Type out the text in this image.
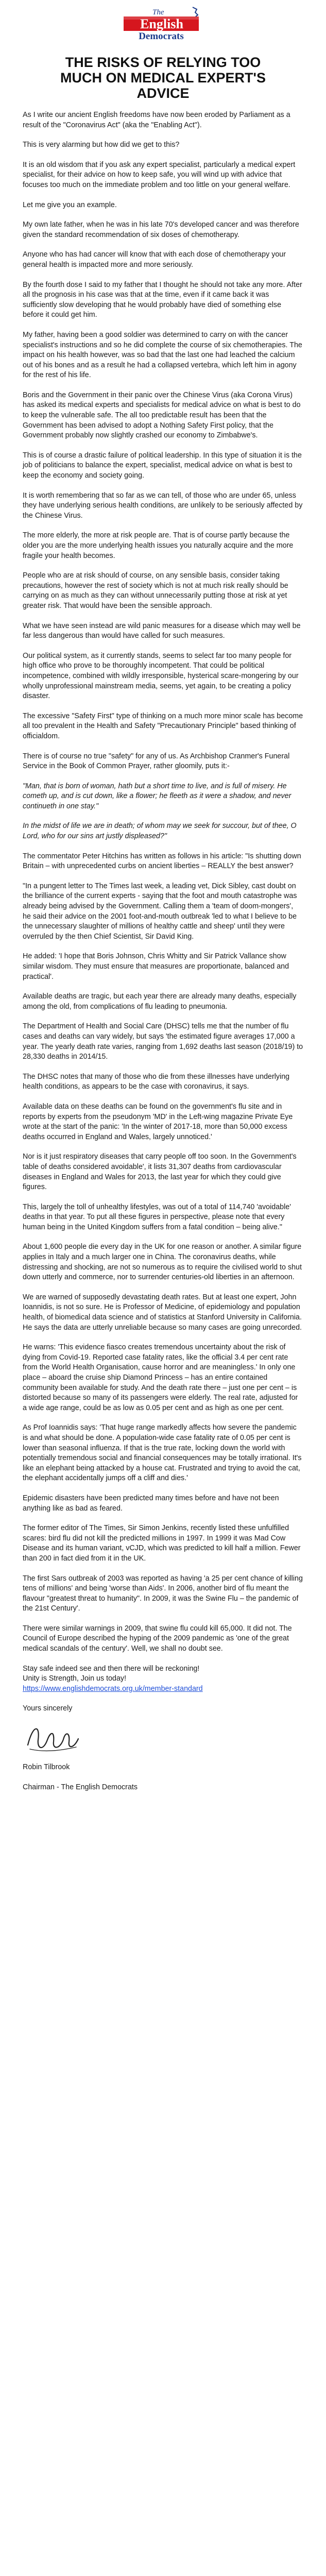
The
English
Democrats
THE RISKS OF RELYING TOO MUCH ON MEDICAL EXPERT'S ADVICE

As I write our ancient English freedoms have now been eroded by Parliament as a result of the "Coronavirus Act" (aka the "Enabling Act").

This is very alarming but how did we get to this?

It is an old wisdom that if you ask any expert specialist, particularly a medical expert specialist, for their advice on how to keep safe, you will wind up with advice that focuses too much on the immediate problem and too little on your general welfare.

Let me give you an example.

My own late father, when he was in his late 70's developed cancer and was therefore given the standard recommendation of six doses of chemotherapy.

Anyone who has had cancer will know that with each dose of chemotherapy your general health is impacted more and more seriously.

By the fourth dose I said to my father that I thought he should not take any more. After all the prognosis in his case was that at the time, even if it came back it was sufficiently slow developing that he would probably have died of something else before it could get him.

My father, having been a good soldier was determined to carry on with the cancer specialist's instructions and so he did complete the course of six chemotherapies. The impact on his health however, was so bad that the last one had leached the calcium out of his bones and as a result he had a collapsed vertebra, which left him in agony for the rest of his life.

Boris and the Government in their panic over the Chinese Virus (aka Corona Virus) has asked its medical experts and specialists for medical advice on what is best to do to keep the vulnerable safe. The all too predictable result has been that the Government has been advised to adopt a Nothing Safety First policy, that the Government probably now slightly crashed our economy to Zimbabwe's.

This is of course a drastic failure of political leadership. In this type of situation it is the job of politicians to balance the expert, specialist, medical advice on what is best to keep the economy and society going.

It is worth remembering that so far as we can tell, of those who are under 65, unless they have underlying serious health conditions, are unlikely to be seriously affected by the Chinese Virus.

The more elderly, the more at risk people are. That is of course partly because the older you are the more underlying health issues you naturally acquire and the more fragile your health becomes.

People who are at risk should of course, on any sensible basis, consider taking precautions, however the rest of society which is not at much risk really should be carrying on as much as they can without unnecessarily putting those at risk at yet greater risk. That would have been the sensible approach.

What we have seen instead are wild panic measures for a disease which may well be far less dangerous than would have called for such measures.

Our political system, as it currently stands, seems to select far too many people for high office who prove to be thoroughly incompetent. That could be political incompetence, combined with wildly irresponsible, hysterical scare-mongering by our wholly unprofessional mainstream media, seems, yet again, to be creating a policy disaster.

The excessive "Safety First" type of thinking on a much more minor scale has become all too prevalent in the Health and Safety "Precautionary Principle" based thinking of officialdom.

There is of course no true "safety" for any of us. As Archbishop Cranmer's Funeral Service in the Book of Common Prayer, rather gloomily, puts it:-

"Man, that is born of woman, hath but a short time to live, and is full of misery. He cometh up, and is cut down, like a flower; he fleeth as it were a shadow, and never continueth in one stay."

In the midst of life we are in death; of whom may we seek for succour, but of thee, O Lord, who for our sins art justly displeased?"

The commentator Peter Hitchins has written as follows in his article: "Is shutting down Britain – with unprecedented curbs on ancient liberties – REALLY the best answer?

"In a pungent letter to The Times last week, a leading vet, Dick Sibley, cast doubt on the brilliance of the current experts - saying that the foot and mouth catastrophe was already being advised by the Government. Calling them a 'team of doom-mongers', he said their advice on the 2001 foot-and-mouth outbreak 'led to what I believe to be the unnecessary slaughter of millions of healthy cattle and sheep' until they were overruled by the then Chief Scientist, Sir David King.

He added: 'I hope that Boris Johnson, Chris Whitty and Sir Patrick Vallance show similar wisdom. They must ensure that measures are proportionate, balanced and practical'.

Available deaths are tragic, but each year there are already many deaths, especially among the old, from complications of flu leading to pneumonia.

The Department of Health and Social Care (DHSC) tells me that the number of flu cases and deaths can vary widely, but says 'the estimated figure averages 17,000 a year. The yearly death rate varies, ranging from 1,692 deaths last season (2018/19) to 28,330 deaths in 2014/15.

The DHSC notes that many of those who die from these illnesses have underlying health conditions, as appears to be the case with coronavirus, it says.

Available data on these deaths can be found on the government's flu site and in reports by experts from the pseudonym 'MD' in the Left-wing magazine Private Eye wrote at the start of the panic: 'In the winter of 2017-18, more than 50,000 excess deaths occurred in England and Wales, largely unnoticed.'

Nor is it just respiratory diseases that carry people off too soon. In the Government's table of deaths considered avoidable', it lists 31,307 deaths from cardiovascular diseases in England and Wales for 2013, the last year for which they could give figures.

This, largely the toll of unhealthy lifestyles, was out of a total of 114,740 'avoidable' deaths in that year. To put all these figures in perspective, please note that every human being in the United Kingdom suffers from a fatal condition – being alive."

About 1,600 people die every day in the UK for one reason or another. A similar figure applies in Italy and a much larger one in China. The coronavirus deaths, while distressing and shocking, are not so numerous as to require the civilised world to shut down utterly and commerce, nor to surrender centuries-old liberties in an afternoon.

We are warned of supposedly devastating death rates. But at least one expert, John Ioannidis, is not so sure. He is Professor of Medicine, of epidemiology and population health, of biomedical data science and of statistics at Stanford University in California. He says the data are utterly unreliable because so many cases are going unrecorded.

He warns: 'This evidence fiasco creates tremendous uncertainty about the risk of dying from Covid-19. Reported case fatality rates, like the official 3.4 per cent rate from the World Health Organisation, cause horror and are meaningless.' In only one place – aboard the cruise ship Diamond Princess – has an entire contained community been available for study. And the death rate there – just one per cent – is distorted because so many of its passengers were elderly. The real rate, adjusted for a wide age range, could be as low as 0.05 per cent and as high as one per cent.

As Prof Ioannidis says: 'That huge range markedly affects how severe the pandemic is and what should be done. A population-wide case fatality rate of 0.05 per cent is lower than seasonal influenza. If that is the true rate, locking down the world with potentially tremendous social and financial consequences may be totally irrational. It's like an elephant being attacked by a house cat. Frustrated and trying to avoid the cat, the elephant accidentally jumps off a cliff and dies.'

Epidemic disasters have been predicted many times before and have not been anything like as bad as feared.

The former editor of The Times, Sir Simon Jenkins, recently listed these unfulfilled scares: bird flu did not kill the predicted millions in 1997. In 1999 it was Mad Cow Disease and its human variant, vCJD, which was predicted to kill half a million. Fewer than 200 in fact died from it in the UK.

The first Sars outbreak of 2003 was reported as having 'a 25 per cent chance of killing tens of millions' and being 'worse than Aids'. In 2006, another bird of flu meant the flavour "greatest threat to humanity". In 2009, it was the Swine Flu – the pandemic of the 21st Century'.

There were similar warnings in 2009, that swine flu could kill 65,000. It did not. The Council of Europe described the hyping of the 2009 pandemic as 'one of the great medical scandals of the century'. Well, we shall no doubt see.

Stay safe indeed see and then there will be reckoning!

Unity is Strength, Join us today!

https://www.englishdemocrats.org.uk/member-standard

Yours sincerely

Robin Tilbrook

Chairman - The English Democrats
